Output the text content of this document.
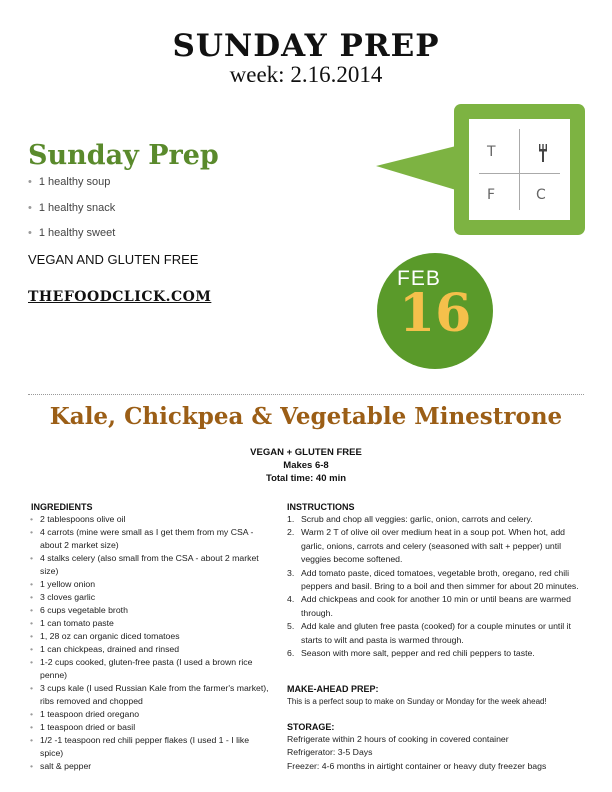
SUNDAY PREP
week: 2.16.2014
Sunday Prep
• 1 healthy soup
• 1 healthy snack
• 1 healthy sweet
VEGAN AND GLUTEN FREE
THEFOODCLICK.COM
T
F	C
FEB
16
Kale, Chickpea & Vegetable Minestrone
VEGAN + GLUTEN FREE
Makes 6-8
Total time: 40 min
INGREDIENTS
• 2 tablespoons olive oil
• 4 carrots (mine were small as I get them from my CSA - about 2 market size)
• 4 stalks celery (also small from the CSA - about 2 market size)
• 1 yellow onion
• 3 cloves garlic
• 6 cups vegetable broth
• 1 can tomato paste
• 1, 28 oz can organic diced tomatoes
• 1 can chickpeas, drained and rinsed
• 1-2 cups cooked, gluten-free pasta (I used a brown rice penne)
• 3 cups kale (I used Russian Kale from the farmer's market), ribs removed and chopped
• 1 teaspoon dried oregano
• 1 teaspoon dried or basil
• 1/2 -1 teaspoon red chili pepper flakes (I used 1 - I like spice)
• salt & pepper
INSTRUCTIONS
1. Scrub and chop all veggies: garlic, onion, carrots and celery.
2. Warm 2 T of olive oil over medium heat in a soup pot. When hot, add garlic, onions, carrots and celery (seasoned with salt + pepper) until veggies become softened.
3. Add tomato paste, diced tomatoes, vegetable broth, oregano, red chili peppers and basil. Bring to a boil and then simmer for about 20 minutes.
4. Add chickpeas and cook for another 10 min or until beans are warmed through.
5. Add kale and gluten free pasta (cooked) for a couple minutes or until it starts to wilt and pasta is warmed through.
6. Season with more salt, pepper and red chili peppers to taste.
MAKE-AHEAD PREP:
This is a perfect soup to make on Sunday or Monday for the week ahead!
STORAGE:
Refrigerate within 2 hours of cooking in covered container
Refrigerator: 3-5 Days
Freezer: 4-6 months in airtight container or heavy duty freezer bags
